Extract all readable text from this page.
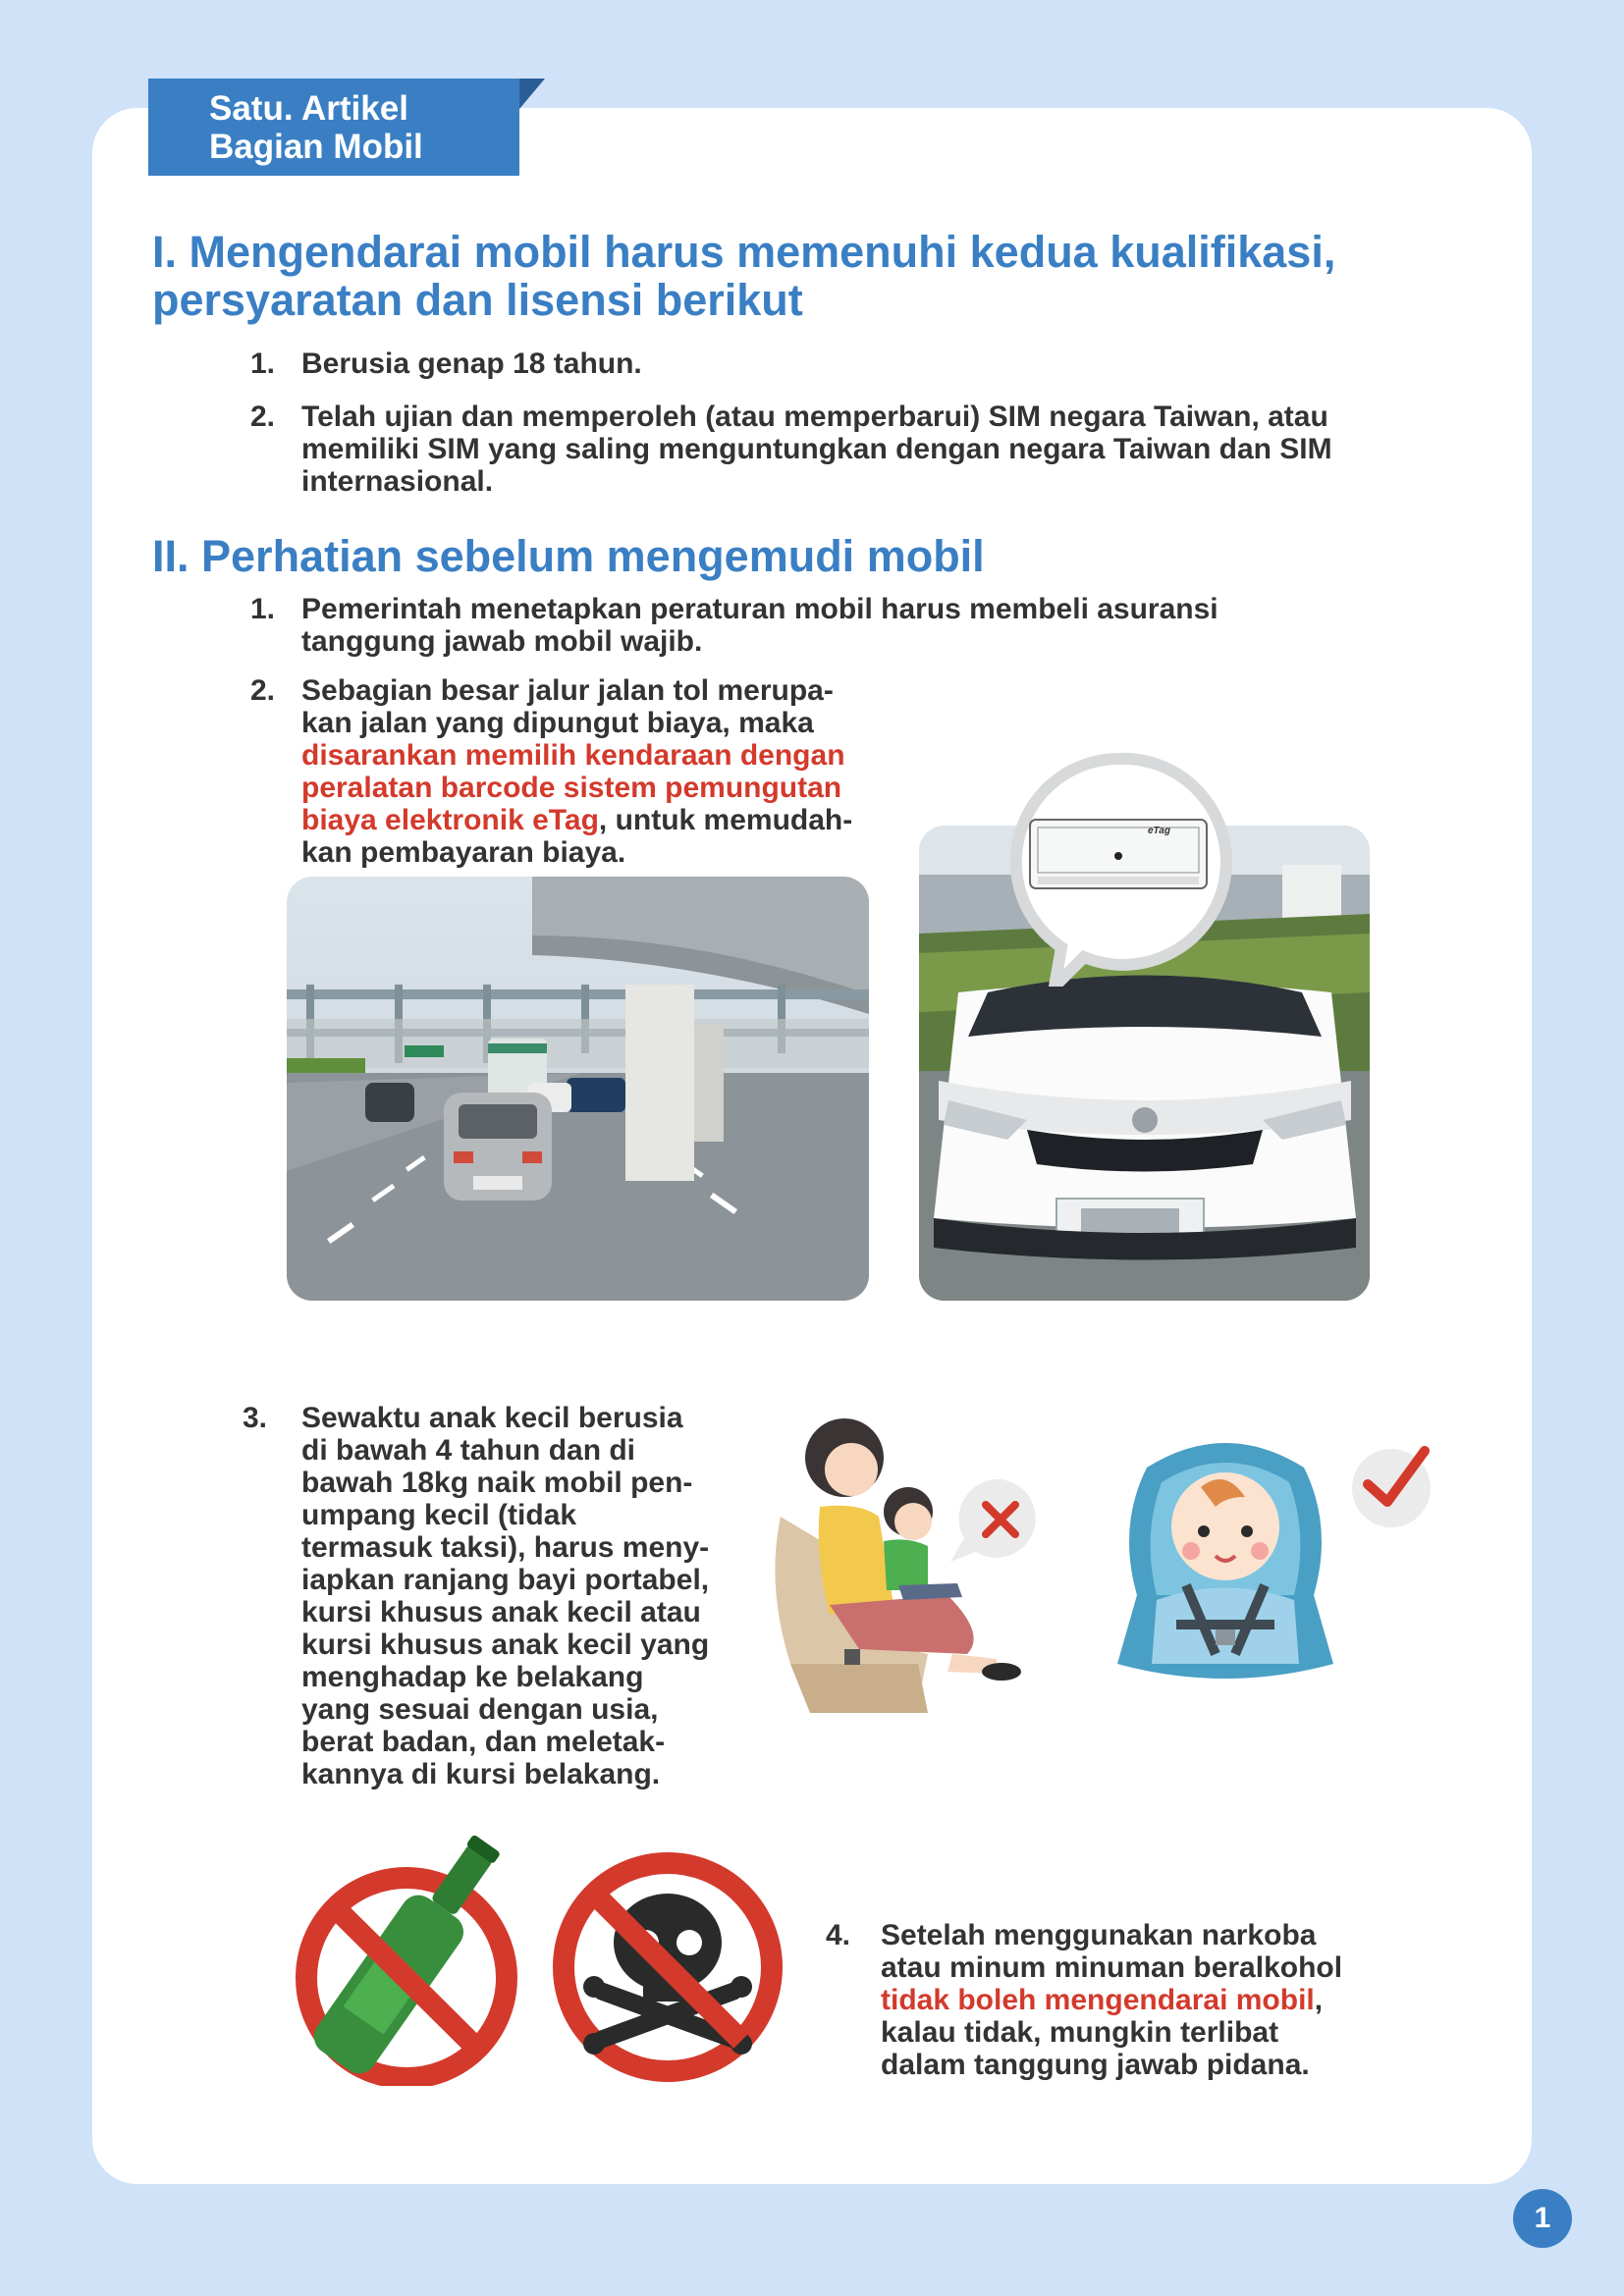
Satu. Artikel
Bagian Mobil
I. Mengendarai mobil harus memenuhi kedua kualifikasi,
persyaratan dan lisensi berikut
1. Berusia genap 18 tahun.
2. Telah ujian dan memperoleh (atau memperbarui) SIM negara Taiwan, atau
memiliki SIM yang saling menguntungkan dengan negara Taiwan dan SIM
internasional.
II. Perhatian sebelum mengemudi mobil
1. Pemerintah menetapkan peraturan mobil harus membeli asuransi
tanggung jawab mobil wajib.
2. Sebagian besar jalur jalan tol merupa-
kan jalan yang dipungut biaya, maka
disarankan memilih kendaraan dengan
peralatan barcode sistem pemungutan
biaya elektronik eTag, untuk memudah-
kan pembayaran biaya.
eTag
3. Sewaktu anak kecil berusia
di bawah 4 tahun dan di
bawah 18kg naik mobil pen-
umpang kecil (tidak
termasuk taksi), harus meny-
iapkan ranjang bayi portabel,
kursi khusus anak kecil atau
kursi khusus anak kecil yang
menghadap ke belakang
yang sesuai dengan usia,
berat badan, dan meletak-
kannya di kursi belakang.
4. Setelah menggunakan narkoba
atau minum minuman beralkohol
tidak boleh mengendarai mobil,
kalau tidak, mungkin terlibat
dalam tanggung jawab pidana.
1
